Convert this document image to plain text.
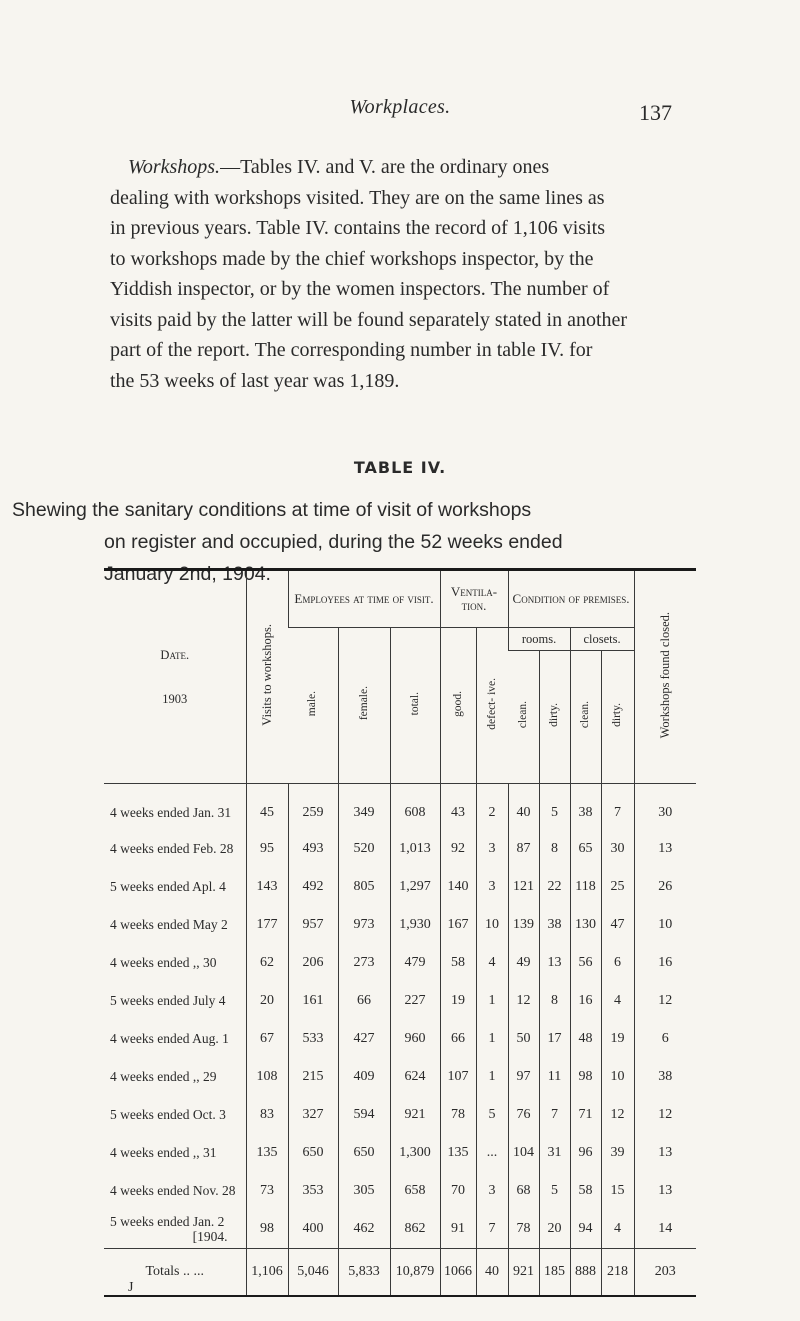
Workplaces.	137
Workshops.—Tables IV. and V. are the ordinary ones
dealing with workshops visited. They are on the same lines as
in previous years. Table IV. contains the record of 1,106 visits
to workshops made by the chief workshops inspector, by the
Yiddish inspector, or by the women inspectors. The number of
visits paid by the latter will be found separately stated in another
part of the report. The corresponding number in table IV. for
the 53 weeks of last year was 1,189.
TABLE IV.
Shewing the sanitary conditions at time of visit of workshops
on register and occupied, during the 52 weeks ended
January 2nd, 1904.
Date.
1903	Visits to workshops.	Employees at time of visit.			Ventila- tion.		Condition of premises.				Workshops found closed.
		male.	female.	total.	good.	defect- ive.	rooms.		closets.		
							clean.	dirty.	clean.	dirty.	
4 weeks ended Jan. 31	45	259	349	608	43	2	40	5	38	7	30
4 weeks ended Feb. 28	95	493	520	1,013	92	3	87	8	65	30	13
5 weeks ended Apl. 4	143	492	805	1,297	140	3	121	22	118	25	26
4 weeks ended May 2	177	957	973	1,930	167	10	139	38	130	47	10
4 weeks ended ,, 30	62	206	273	479	58	4	49	13	56	6	16
5 weeks ended July 4	20	161	66	227	19	1	12	8	16	4	12
4 weeks ended Aug. 1	67	533	427	960	66	1	50	17	48	19	6
4 weeks ended ,, 29	108	215	409	624	107	1	97	11	98	10	38
5 weeks ended Oct. 3	83	327	594	921	78	5	76	7	71	12	12
4 weeks ended ,, 31	135	650	650	1,300	135	...	104	31	96	39	13
4 weeks ended Nov. 28	73	353	305	658	70	3	68	5	58	15	13
5 weeks ended Jan. 2
[1904.	98	400	462	862	91	7	78	20	94	4	14
Totals .. ...	1,106	5,046	5,833	10,879	1066	40	921	185	888	218	203
J
